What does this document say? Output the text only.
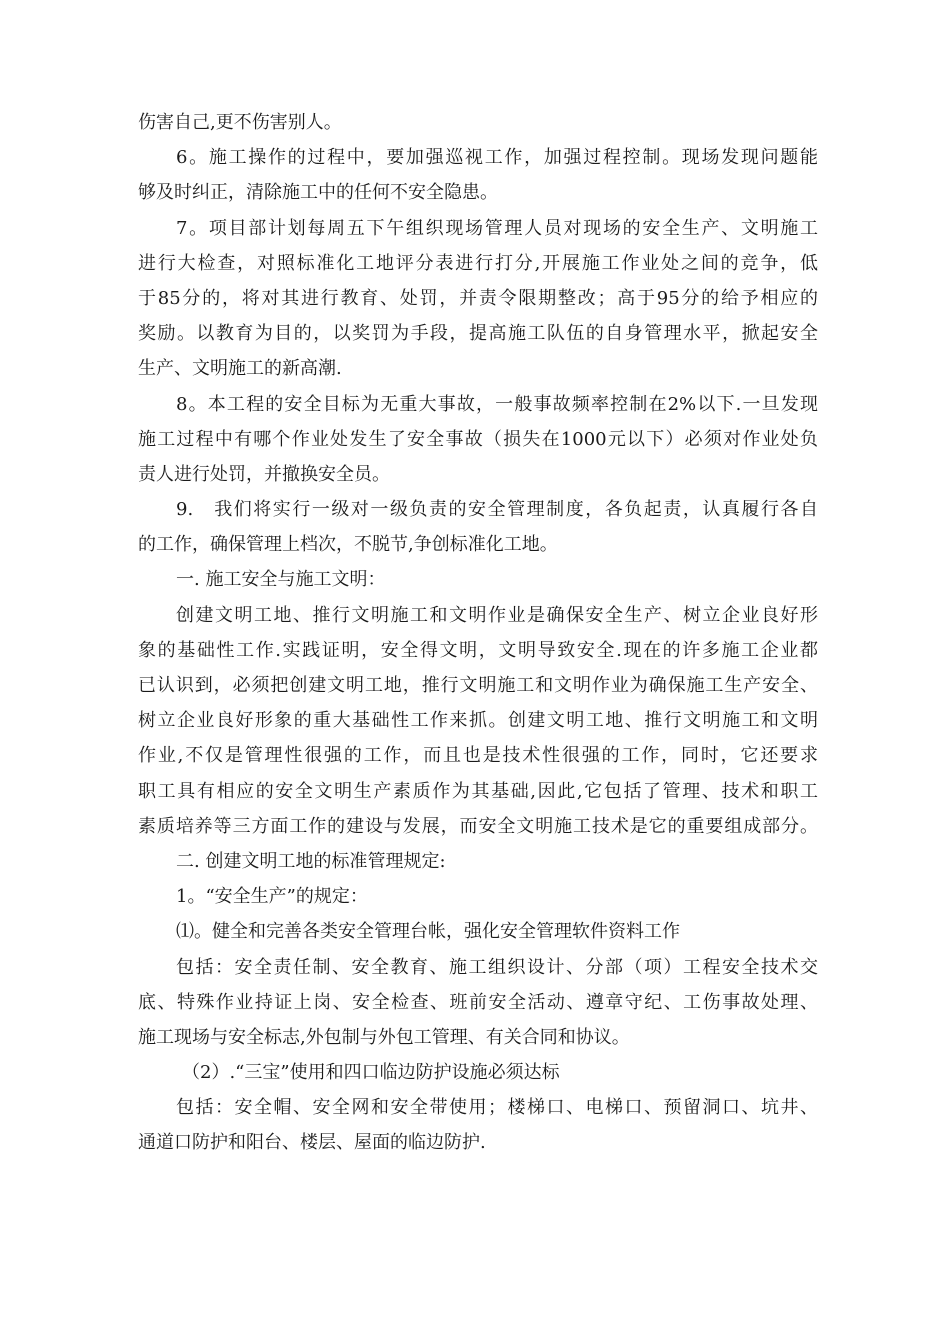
伤害自己,更不伤害别人。
6。施工操作的过程中，要加强巡视工作，加强过程控制。现场发现问题能
够及时纠正，清除施工中的任何不安全隐患。
7。项目部计划每周五下午组织现场管理人员对现场的安全生产、文明施工
进行大检查，对照标准化工地评分表进行打分,开展施工作业处之间的竞争，低
于85分的，将对其进行教育、处罚，并责令限期整改；高于95分的给予相应的
奖励。以教育为目的，以奖罚为手段，提高施工队伍的自身管理水平，掀起安全
生产、文明施工的新高潮.
8。本工程的安全目标为无重大事故，一般事故频率控制在2%以下.一旦发现
施工过程中有哪个作业处发生了安全事故（损失在1000元以下）必须对作业处负
责人进行处罚，并撤换安全员。
9.　我们将实行一级对一级负责的安全管理制度，各负起责，认真履行各自
的工作，确保管理上档次，不脱节,争创标准化工地。
一. 施工安全与施工文明：
创建文明工地、推行文明施工和文明作业是确保安全生产、树立企业良好形
象的基础性工作.实践证明，安全得文明，文明导致安全.现在的许多施工企业都
已认识到，必须把创建文明工地，推行文明施工和文明作业为确保施工生产安全、
树立企业良好形象的重大基础性工作来抓。创建文明工地、推行文明施工和文明
作业,不仅是管理性很强的工作，而且也是技术性很强的工作，同时，它还要求
职工具有相应的安全文明生产素质作为其基础,因此,它包括了管理、技术和职工
素质培养等三方面工作的建设与发展，而安全文明施工技术是它的重要组成部分。
二. 创建文明工地的标准管理规定:
1。“安全生产”的规定：
⑴。健全和完善各类安全管理台帐，强化安全管理软件资料工作
包括：安全责任制、安全教育、施工组织设计、分部（项）工程安全技术交
底、特殊作业持证上岗、安全检查、班前安全活动、遵章守纪、工伤事故处理、
施工现场与安全标志,外包制与外包工管理、有关合同和协议。
（2）.“三宝”使用和四口临边防护设施必须达标
包括：安全帽、安全网和安全带使用；楼梯口、电梯口、预留洞口、坑井、
通道口防护和阳台、楼层、屋面的临边防护.
